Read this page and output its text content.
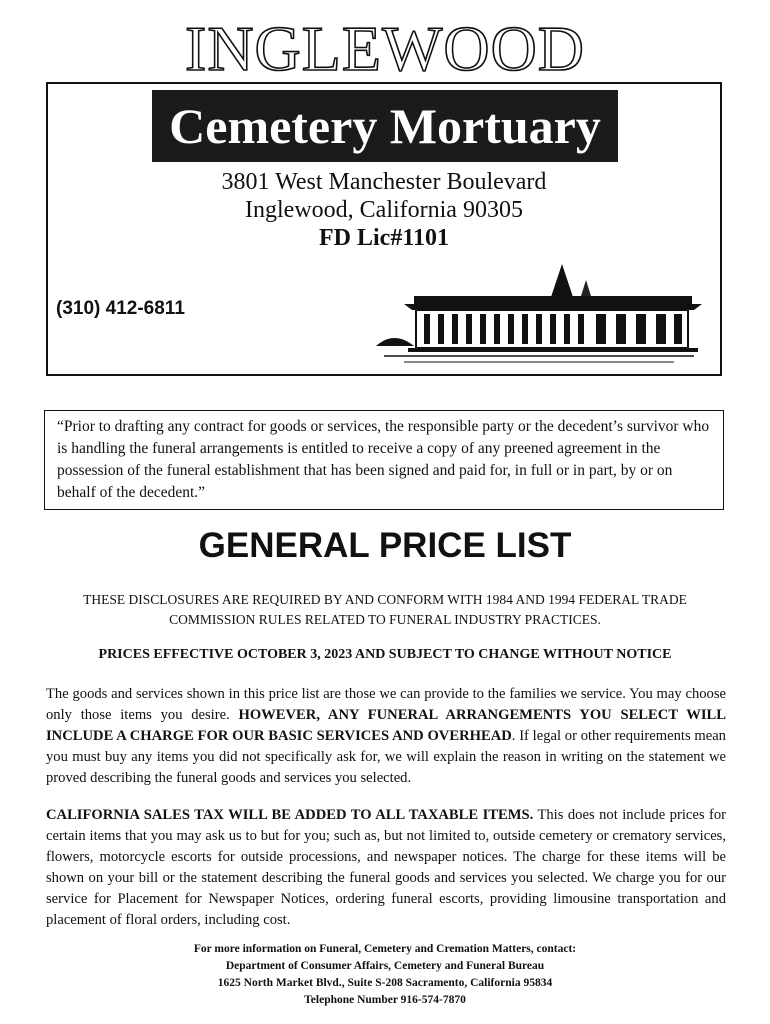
INGLEWOOD
Cemetery Mortuary
3801 West Manchester Boulevard
Inglewood, California 90305
FD Lic#1101
(310) 412-6811
“Prior to drafting any contract for goods or services, the responsible party or the decedent’s survivor who is handling the funeral arrangements is entitled to receive a copy of any preened agreement in the possession of the funeral establishment that has been signed and paid for, in full or in part, by or on behalf of the decedent.”
GENERAL PRICE LIST
THESE DISCLOSURES ARE REQUIRED BY AND CONFORM WITH 1984 AND 1994 FEDERAL TRADE COMMISSION RULES RELATED TO FUNERAL INDUSTRY PRACTICES.
PRICES EFFECTIVE OCTOBER 3, 2023 AND SUBJECT TO CHANGE WITHOUT NOTICE
The goods and services shown in this price list are those we can provide to the families we service. You may choose only those items you desire. HOWEVER, ANY FUNERAL ARRANGEMENTS YOU SELECT WILL INCLUDE A CHARGE FOR OUR BASIC SERVICES AND OVERHEAD. If legal or other requirements mean you must buy any items you did not specifically ask for, we will explain the reason in writing on the statement we proved describing the funeral goods and services you selected.
CALIFORNIA SALES TAX WILL BE ADDED TO ALL TAXABLE ITEMS. This does not include prices for certain items that you may ask us to but for you; such as, but not limited to, outside cemetery or crematory services, flowers, motorcycle escorts for outside processions, and newspaper notices. The charge for these items will be shown on your bill or the statement describing the funeral goods and services you selected. We charge you for our service for Placement for Newspaper Notices, ordering funeral escorts, providing limousine transportation and placement of floral orders, including cost.
For more information on Funeral, Cemetery and Cremation Matters, contact:
Department of Consumer Affairs, Cemetery and Funeral Bureau
1625 North Market Blvd., Suite S-208 Sacramento, California 95834
Telephone Number 916-574-7870
